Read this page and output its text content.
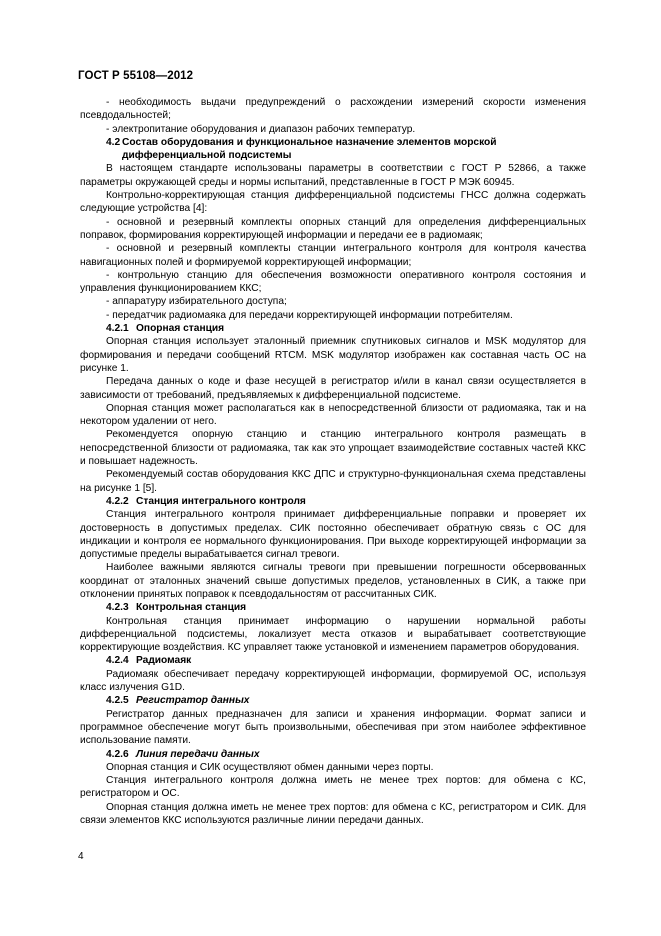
ГОСТ Р 55108—2012

- необходимость выдачи предупреждений о расхождении измерений скорости изменения псевдодальностей;

- электропитание оборудования и диапазон рабочих температур.

4.2 Состав оборудования и функциональное назначение элементов морской

дифференциальной подсистемы

В настоящем стандарте использованы параметры в соответствии с ГОСТ Р 52866, а также параметры окружающей среды и нормы испытаний, представленные в ГОСТ Р МЭК 60945.

Контрольно-корректирующая станция дифференциальной подсистемы ГНСС должна содержать следующие устройства [4]:

- основной и резервный комплекты опорных станций для определения дифференциальных поправок, формирования корректирующей информации и передачи ее в радиомаяк;

- основной и резервный комплекты станции интегрального контроля для контроля качества навигационных полей и формируемой корректирующей информации;

- контрольную станцию для обеспечения возможности оперативного контроля состояния и управления функционированием ККС;

- аппаратуру избирательного доступа;

- передатчик радиомаяка для передачи корректирующей информации потребителям.

4.2.1 Опорная станция

Опорная станция использует эталонный приемник спутниковых сигналов и MSK модулятор для формирования и передачи сообщений RTCM. MSK модулятор изображен как составная часть ОС на рисунке 1.

Передача данных о коде и фазе несущей в регистратор и/или в канал связи осуществляется в зависимости от требований, предъявляемых к дифференциальной подсистеме.

Опорная станция может располагаться как в непосредственной близости от радиомаяка, так и на некотором удалении от него.

Рекомендуется опорную станцию и станцию интегрального контроля размещать в непосредственной близости от радиомаяка, так как это упрощает взаимодействие составных частей ККС и повышает надежность.

Рекомендуемый состав оборудования ККС ДПС и структурно-функциональная схема представлены на рисунке 1 [5].

4.2.2 Станция интегрального контроля

Станция интегрального контроля принимает дифференциальные поправки и проверяет их достоверность в допустимых пределах. СИК постоянно обеспечивает обратную связь с ОС для индикации и контроля ее нормального функционирования. При выходе корректирующей информации за допустимые пределы вырабатывается сигнал тревоги.

Наиболее важными являются сигналы тревоги при превышении погрешности обсервованных координат от эталонных значений свыше допустимых пределов, установленных в СИК, а также при отклонении принятых поправок к псевдодальностям от рассчитанных СИК.

4.2.3 Контрольная станция

Контрольная станция принимает информацию о нарушении нормальной работы дифференциальной подсистемы, локализует места отказов и вырабатывает соответствующие корректирующие воздействия. КС управляет также установкой и изменением параметров оборудования.

4.2.4 Радиомаяк

Радиомаяк обеспечивает передачу корректирующей информации, формируемой ОС, используя класс излучения G1D.

4.2.5 Регистратор данных

Регистратор данных предназначен для записи и хранения информации. Формат записи и программное обеспечение могут быть произвольными, обеспечивая при этом наиболее эффективное использование памяти.

4.2.6 Линия передачи данных

Опорная станция и СИК осуществляют обмен данными через порты.

Станция интегрального контроля должна иметь не менее трех портов: для обмена с КС, регистратором и ОС.

Опорная станция должна иметь не менее трех портов: для обмена с КС, регистратором и СИК. Для связи элементов ККС используются различные линии передачи данных.

4
